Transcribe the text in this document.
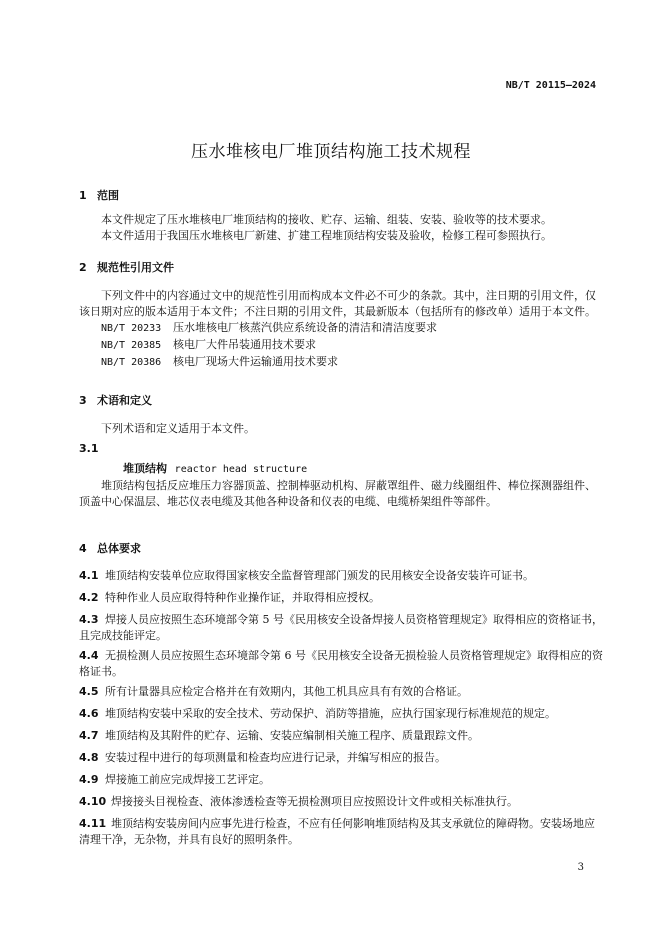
NB/T 20115—2024
压水堆核电厂堆顶结构施工技术规程
1 范围
本文件规定了压水堆核电厂堆顶结构的接收、贮存、运输、组装、安装、验收等的技术要求。
本文件适用于我国压水堆核电厂新建、扩建工程堆顶结构安装及验收，检修工程可参照执行。
2 规范性引用文件
下列文件中的内容通过文中的规范性引用而构成本文件必不可少的条款。其中，注日期的引用文件，仅该日期对应的版本适用于本文件；不注日期的引用文件，其最新版本（包括所有的修改单）适用于本文件。
NB/T 20233 压水堆核电厂核蒸汽供应系统设备的清洁和清洁度要求
NB/T 20385 核电厂大件吊装通用技术要求
NB/T 20386 核电厂现场大件运输通用技术要求
3 术语和定义
下列术语和定义适用于本文件。
3.1
堆顶结构 reactor head structure
堆顶结构包括反应堆压力容器顶盖、控制棒驱动机构、屏蔽罩组件、磁力线圈组件、棒位探测器组件、顶盖中心保温层、堆芯仪表电缆及其他各种设备和仪表的电缆、电缆桥架组件等部件。
4 总体要求
4.1 堆顶结构安装单位应取得国家核安全监督管理部门颁发的民用核安全设备安装许可证书。
4.2 特种作业人员应取得特种作业操作证，并取得相应授权。
4.3 焊接人员应按照生态环境部令第 5 号《民用核安全设备焊接人员资格管理规定》取得相应的资格证书，且完成技能评定。
4.4 无损检测人员应按照生态环境部令第 6 号《民用核安全设备无损检验人员资格管理规定》取得相应的资格证书。
4.5 所有计量器具应检定合格并在有效期内，其他工机具应具有有效的合格证。
4.6 堆顶结构安装中采取的安全技术、劳动保护、消防等措施，应执行国家现行标准规范的规定。
4.7 堆顶结构及其附件的贮存、运输、安装应编制相关施工程序、质量跟踪文件。
4.8 安装过程中进行的每项测量和检查均应进行记录，并编写相应的报告。
4.9 焊接施工前应完成焊接工艺评定。
4.10 焊接接头目视检查、液体渗透检查等无损检测项目应按照设计文件或相关标准执行。
4.11 堆顶结构安装房间内应事先进行检查，不应有任何影响堆顶结构及其支承就位的障碍物。安装场地应清理干净，无杂物，并具有良好的照明条件。
3
